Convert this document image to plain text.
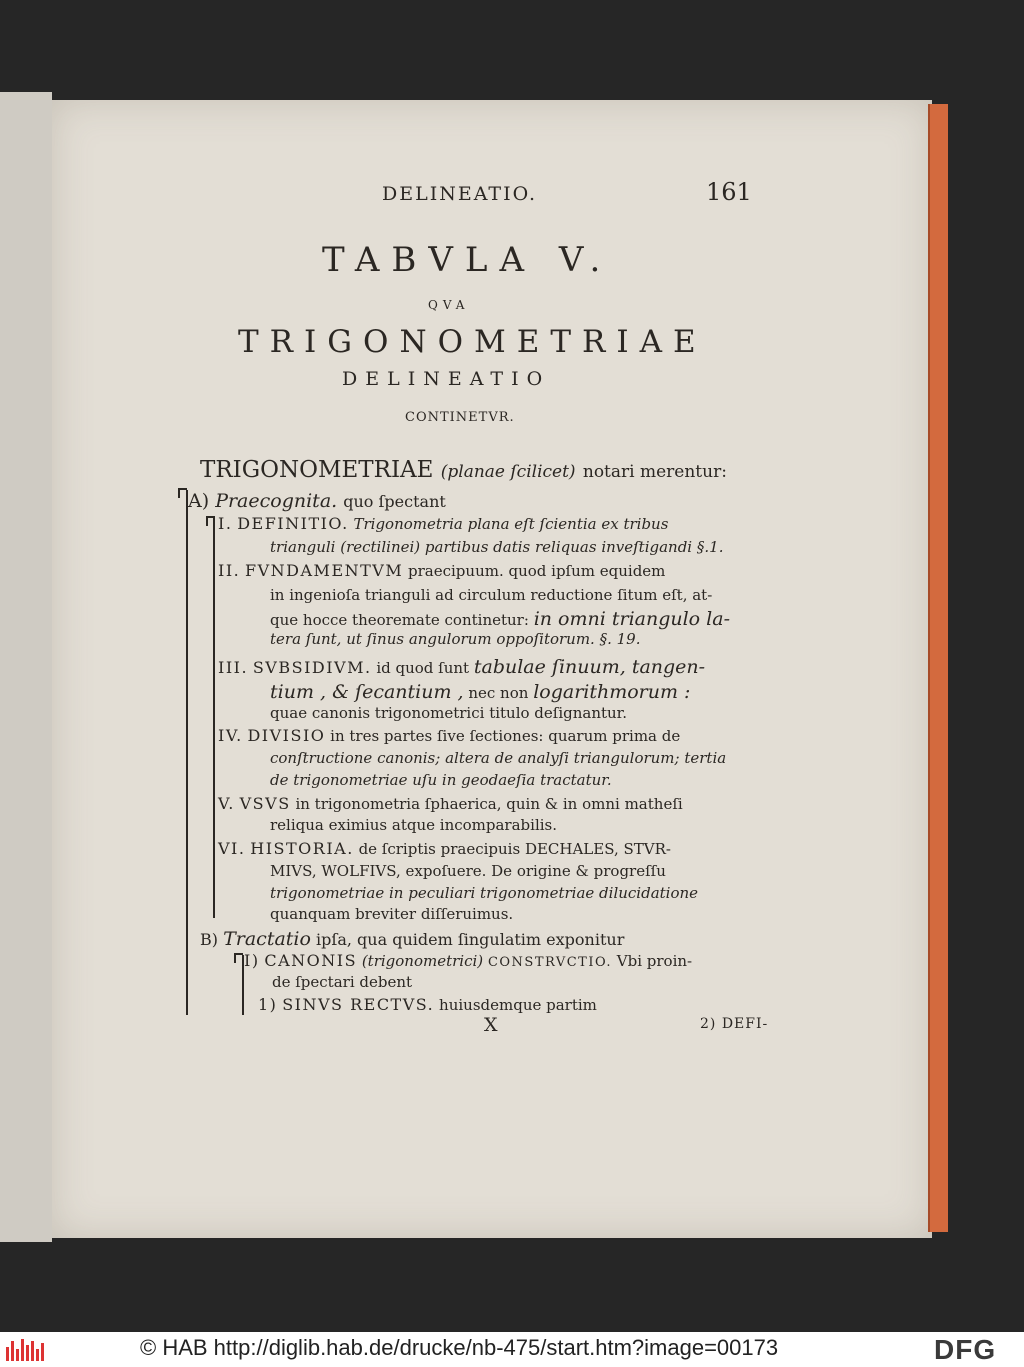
DELINEATIO.	161
TABVLA V.
QVA
TRIGONOMETRIAE
DELINEATIO
CONTINETVR.
TRIGONOMETRIAE (planae ſcilicet) notari merentur:
A) Praecognita. quo ſpectant
I. DEFINITIO. Trigonometria plana eſt ſcientia ex tribus
trianguli (rectilinei) partibus datis reliquas inveſtigandi §.1.
II. FVNDAMENTVM praecipuum. quod ipſum equidem
in ingenioſa trianguli ad circulum reductione ſitum eſt, at-
que hocce theoremate continetur: in omni triangulo la-
tera ſunt, ut ſinus angulorum oppoſitorum. §. 19.
III. SVBSIDIVM. id quod ſunt tabulae ſinuum, tangen-
tium , & ſecantium , nec non logarithmorum :
quae canonis trigonometrici titulo deſignantur.
IV. DIVISIO in tres partes ſive ſectiones: quarum prima de
conſtructione canonis; altera de analyſi triangulorum; tertia
de trigonometriae uſu in geodaeſia tractatur.
V. VSVS in trigonometria ſphaerica, quin & in omni matheſi
reliqua eximius atque incomparabilis.
VI. HISTORIA. de ſcriptis praecipuis DECHALES, STVR-
MIVS, WOLFIVS, expoſuere. De origine & progreſſu
trigonometriae in peculiari trigonometriae dilucidatione
quanquam breviter diſſeruimus.
B) Tractatio ipſa, qua quidem ſingulatim exponitur
I) CANONIS (trigonometrici) CONSTRVCTIO. Vbi proin-
de ſpectari debent
1) SINVS RECTVS. huiusdemque partim
X	2) DEFI-
© HAB http://diglib.hab.de/drucke/nb-475/start.htm?image=00173	DFG
